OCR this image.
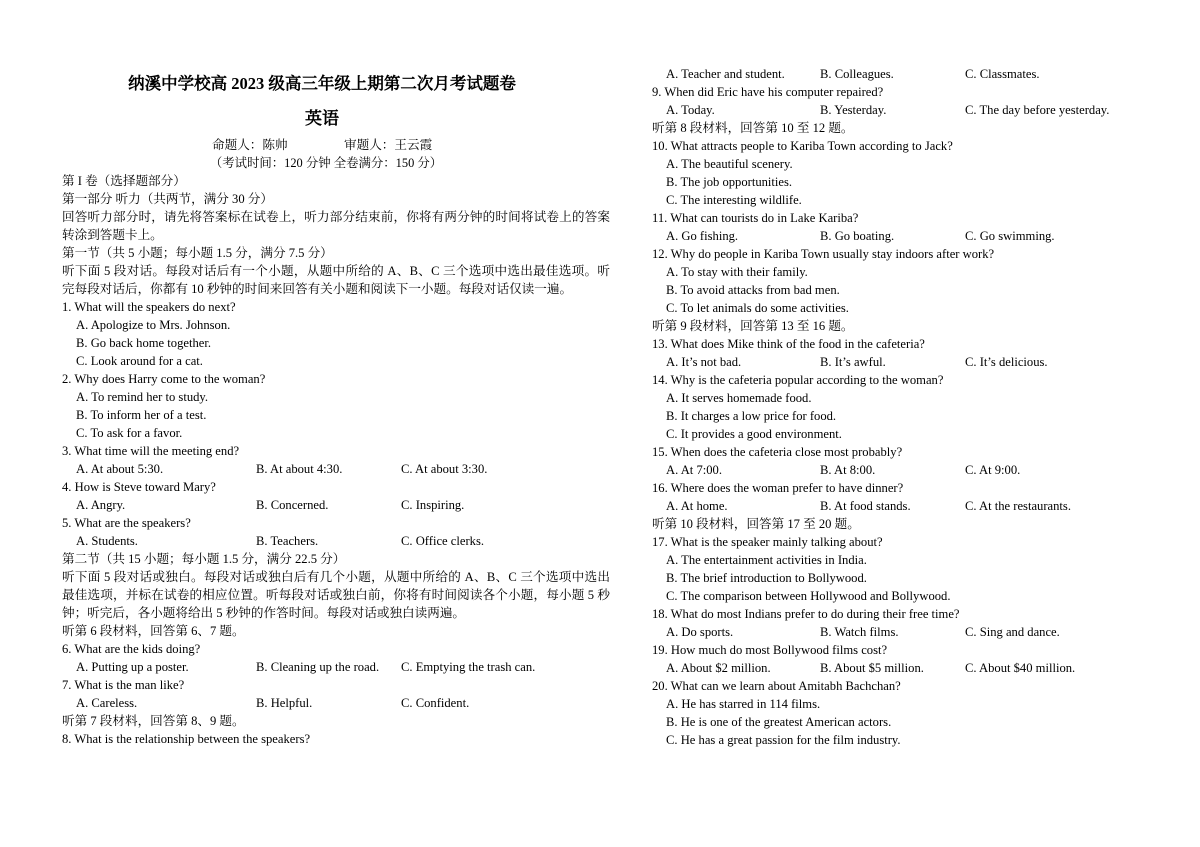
纳溪中学校高 2023 级高三年级上期第二次月考试题卷
英语
命题人：陈帅	审题人：王云霞
（考试时间：120 分钟 全卷满分：150 分）
第 I 卷（选择题部分）
第一部分 听力（共两节，满分 30 分）
回答听力部分时，请先将答案标在试卷上，听力部分结束前，你将有两分钟的时间将试卷上的答案
转涂到答题卡上。
第一节（共 5 小题；每小题 1.5 分，满分 7.5 分）
听下面 5 段对话。每段对话后有一个小题，从题中所给的 A、B、C 三个选项中选出最佳选项。听
完每段对话后，你都有 10 秒钟的时间来回答有关小题和阅读下一小题。每段对话仅读一遍。
1. What will the speakers do next?
A. Apologize to Mrs. Johnson.
B. Go back home together.
C. Look around for a cat.
2. Why does Harry come to the woman?
A. To remind her to study.
B. To inform her of a test.
C. To ask for a favor.
3. What time will the meeting end?
A. At about 5:30.	B. At about 4:30.	C. At about 3:30.
4. How is Steve toward Mary?
A. Angry.	B. Concerned.	C. Inspiring.
5. What are the speakers?
A. Students.	B. Teachers.	C. Office clerks.
第二节（共 15 小题；每小题 1.5 分，满分 22.5 分）
听下面 5 段对话或独白。每段对话或独白后有几个小题，从题中所给的 A、B、C 三个选项中选出
最佳选项，并标在试卷的相应位置。听每段对话或独白前，你将有时间阅读各个小题，每小题 5 秒
钟；听完后，各小题将给出 5 秒钟的作答时间。每段对话或独白读两遍。
听第 6 段材料，回答第 6、7 题。
6. What are the kids doing?
A. Putting up a poster.	B. Cleaning up the road. C. Emptying the trash can.
7. What is the man like?
A. Careless.	B. Helpful.	C. Confident.
听第 7 段材料，回答第 8、9 题。
8. What is the relationship between the speakers?
A. Teacher and student.	B. Colleagues.	C. Classmates.
9. When did Eric have his computer repaired?
A. Today.	B. Yesterday.	C. The day before yesterday.
听第 8 段材料，回答第 10 至 12 题。
10. What attracts people to Kariba Town according to Jack?
A. The beautiful scenery.
B. The job opportunities.
C. The interesting wildlife.
11. What can tourists do in Lake Kariba?
A. Go fishing.	B. Go boating.	C. Go swimming.
12. Why do people in Kariba Town usually stay indoors after work?
A. To stay with their family.
B. To avoid attacks from bad men.
C. To let animals do some activities.
听第 9 段材料，回答第 13 至 16 题。
13. What does Mike think of the food in the cafeteria?
A. It’s not bad.	B. It’s awful.	C. It’s delicious.
14. Why is the cafeteria popular according to the woman?
A. It serves homemade food.
B. It charges a low price for food.
C. It provides a good environment.
15. When does the cafeteria close most probably?
A. At 7:00.	B. At 8:00.	C. At 9:00.
16. Where does the woman prefer to have dinner?
A. At home.	B. At food stands.	C. At the restaurants.
听第 10 段材料，回答第 17 至 20 题。
17. What is the speaker mainly talking about?
A. The entertainment activities in India.
B. The brief introduction to Bollywood.
C. The comparison between Hollywood and Bollywood.
18. What do most Indians prefer to do during their free time?
A. Do sports.	B. Watch films.	C. Sing and dance.
19. How much do most Bollywood films cost?
A. About $2 million.	B. About $5 million.	C. About $40 million.
20. What can we learn about Amitabh Bachchan?
A. He has starred in 114 films.
B. He is one of the greatest American actors.
C. He has a great passion for the film industry.
